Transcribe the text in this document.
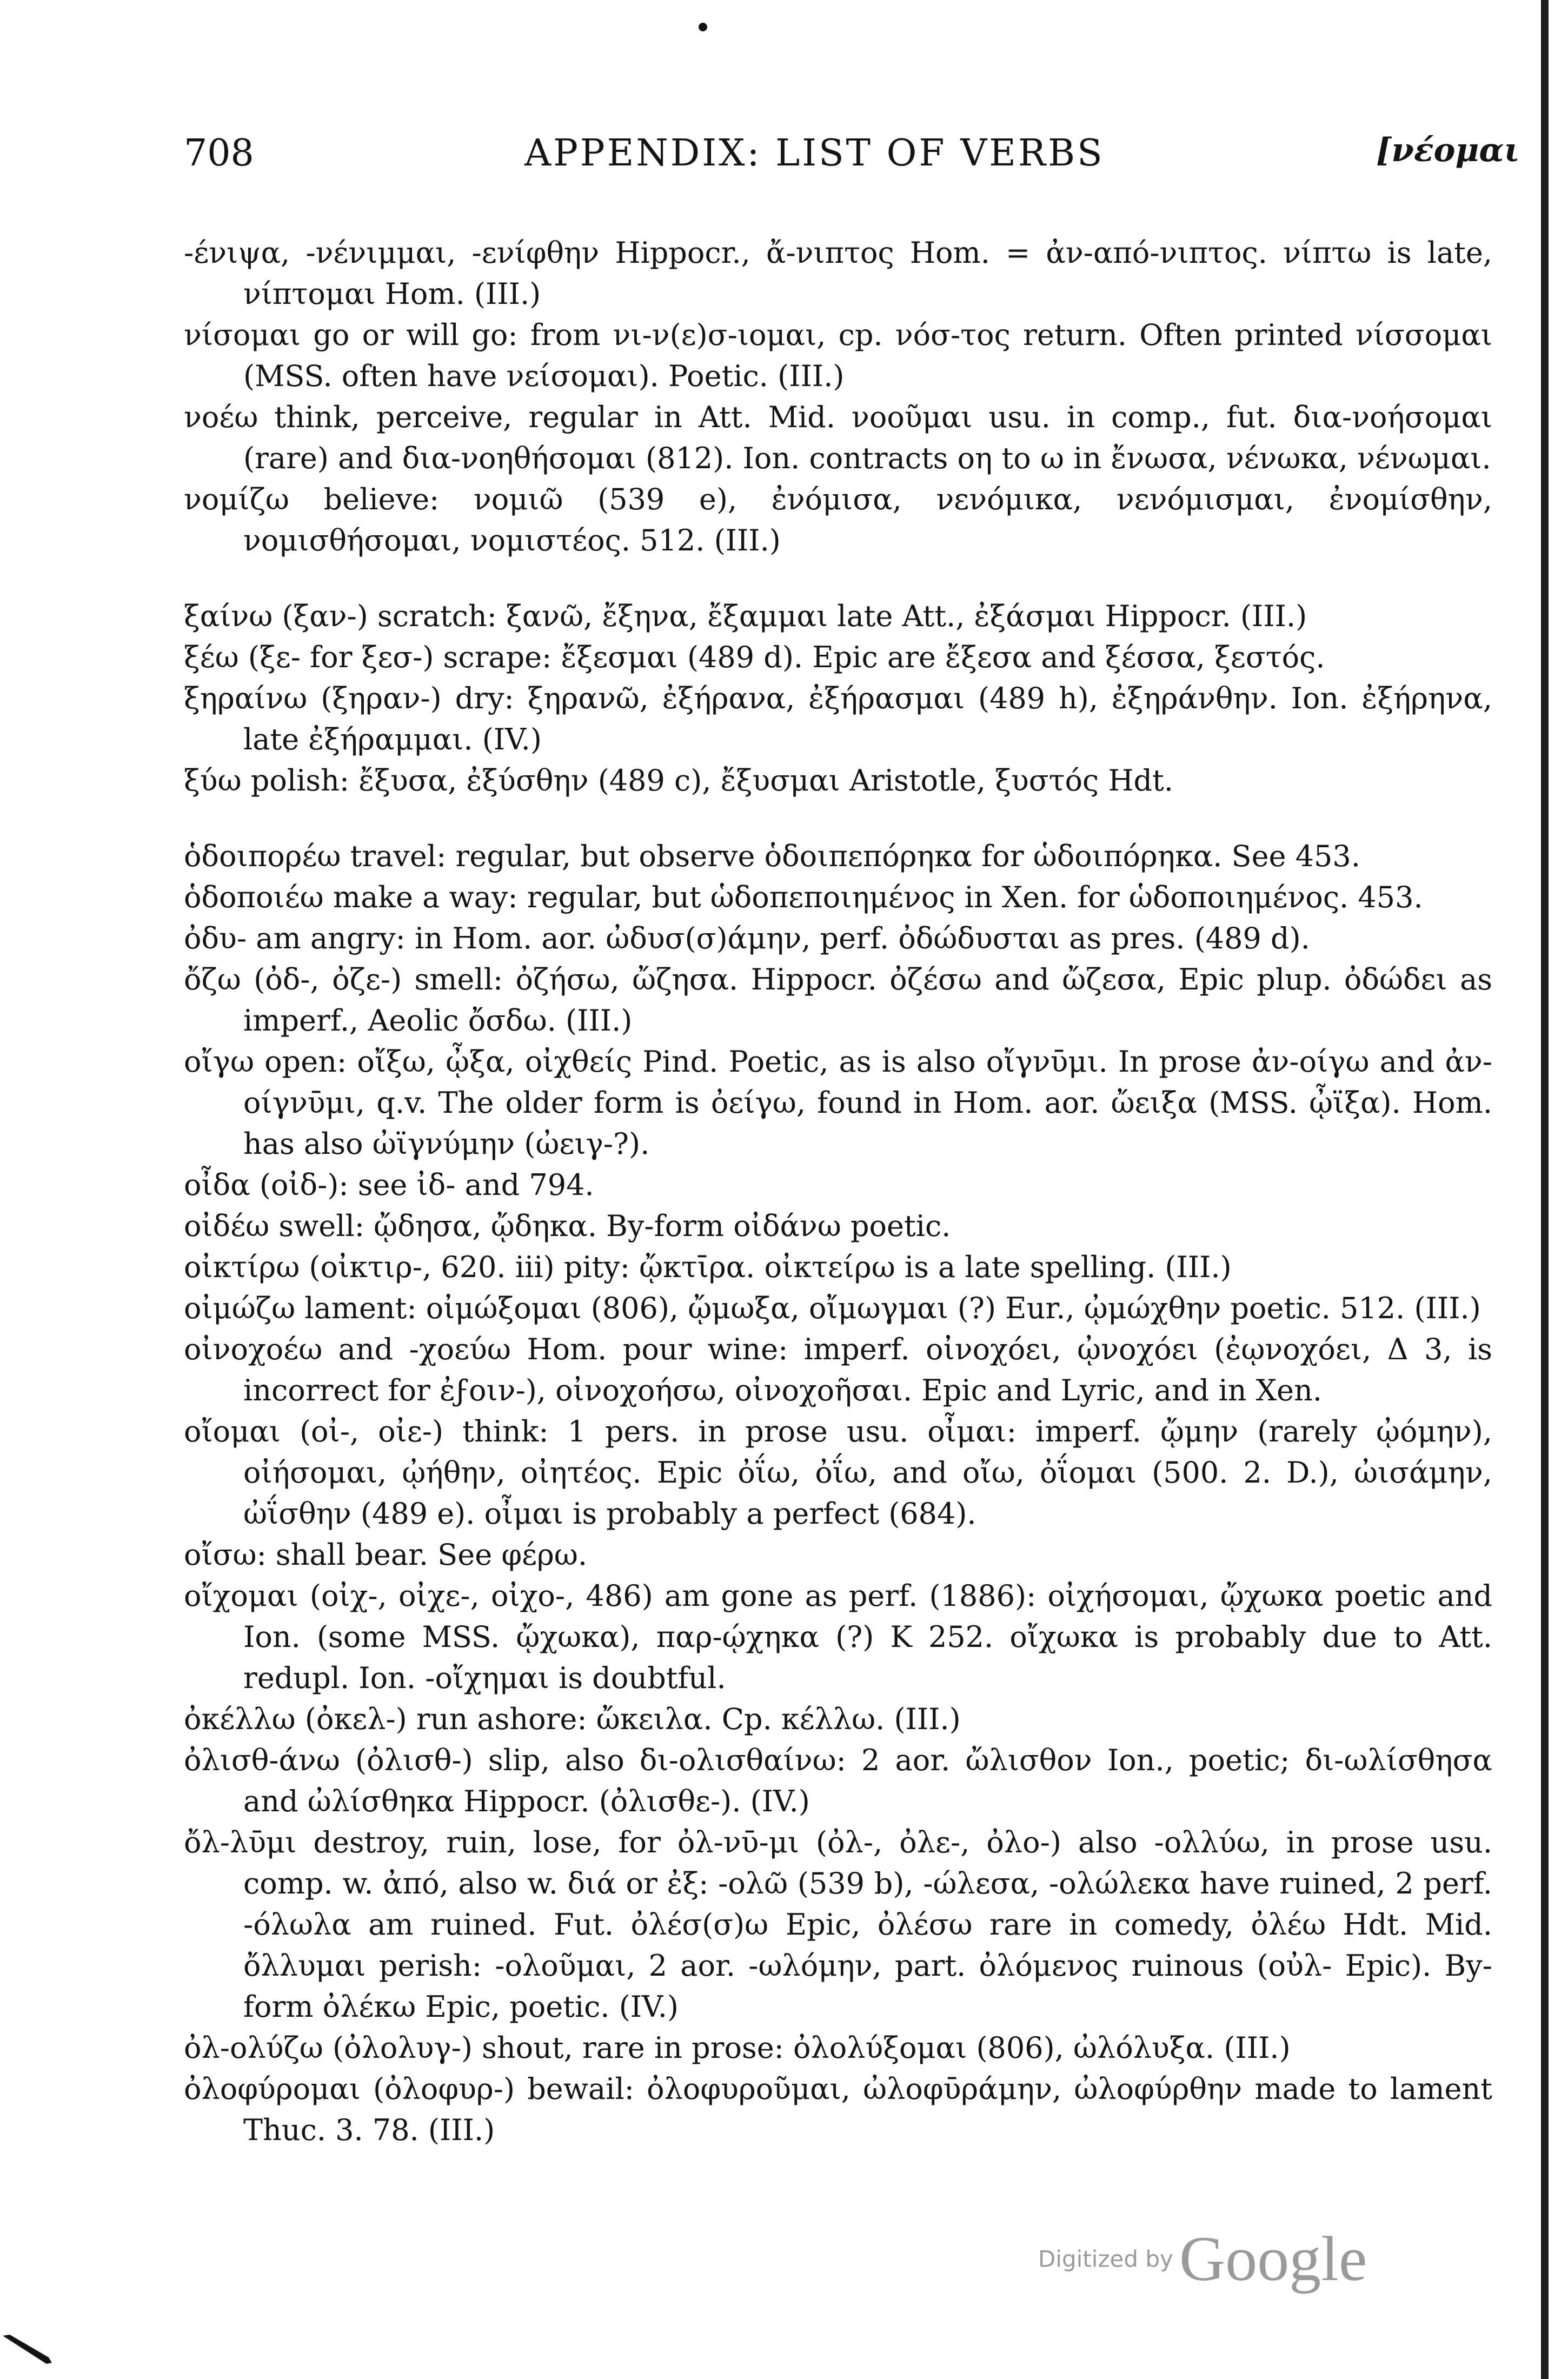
708	APPENDIX: LIST OF VERBS	[νέομαι

-ένιψα, -νένιμμαι, -ενίφθην Hippocr., ἄ-νιπτος Hom. = ἀν-από-νιπτος. νίπτω is late, νίπτομαι Hom. (III.)

νίσομαι go or will go: from νι-ν(ε)σ-ιομαι, cp. νόσ-τος return. Often printed νίσσομαι (MSS. often have νείσομαι). Poetic. (III.)

νοέω think, perceive, regular in Att. Mid. νοοῦμαι usu. in comp., fut. δια-νοήσομαι (rare) and δια-νοηθήσομαι (812). Ion. contracts οη to ω in ἔνωσα, νένωκα, νένωμαι.

νομίζω believe: νομιῶ (539 e), ἐνόμισα, νενόμικα, νενόμισμαι, ἐνομίσθην, νομισθήσομαι, νομιστέος. 512. (III.)

ξαίνω (ξαν-) scratch: ξανῶ, ἔξηνα, ἔξαμμαι late Att., ἐξάσμαι Hippocr. (III.)

ξέω (ξε- for ξεσ-) scrape: ἔξεσμαι (489 d). Epic are ἔξεσα and ξέσσα, ξεστός.

ξηραίνω (ξηραν-) dry: ξηρανῶ, ἐξήρανα, ἐξήρασμαι (489 h), ἐξηράνθην. Ion. ἐξήρηνα, late ἐξήραμμαι. (IV.)

ξύω polish: ἔξυσα, ἐξύσθην (489 c), ἔξυσμαι Aristotle, ξυστός Hdt.

ὁδοιπορέω travel: regular, but observe ὁδοιπεπόρηκα for ὡδοιπόρηκα. See 453.

ὁδοποιέω make a way: regular, but ὡδοπεποιημένος in Xen. for ὡδοποιημένος. 453.

ὀδυ- am angry: in Hom. aor. ὠδυσ(σ)άμην, perf. ὀδώδυσται as pres. (489 d).

ὄζω (ὀδ-, ὀζε-) smell: ὀζήσω, ὤζησα. Hippocr. ὀζέσω and ὤζεσα, Epic plup. ὀδώδει as imperf., Aeolic ὄσδω. (III.)

οἴγω open: οἴξω, ᾦξα, οἰχθείς Pind. Poetic, as is also οἴγνῡμι. In prose ἀν-οίγω and ἀν-οίγνῡμι, q.v. The older form is ὀείγω, found in Hom. aor. ὤειξα (MSS. ᾦϊξα). Hom. has also ὠϊγνύμην (ὠειγ-?).

οἶδα (οἰδ-): see ἰδ- and 794.

οἰδέω swell: ᾤδησα, ᾤδηκα. By-form οἰδάνω poetic.

οἰκτίρω (οἰκτιρ-, 620. iii) pity: ᾤκτῑρα. οἰκτείρω is a late spelling. (III.)

οἰμώζω lament: οἰμώξομαι (806), ᾤμωξα, οἴμωγμαι (?) Eur., ᾠμώχθην poetic. 512. (III.)

οἰνοχοέω and -χοεύω Hom. pour wine: imperf. οἰνοχόει, ᾠνοχόει (ἐῳνοχόει, Δ 3, is incorrect for ἐϝοιν-), οἰνοχοήσω, οἰνοχοῆσαι. Epic and Lyric, and in Xen.

οἴομαι (οἰ-, οἰε-) think: 1 pers. in prose usu. οἶμαι: imperf. ᾤμην (rarely ᾠόμην), οἰήσομαι, ᾠήθην, οἰητέος. Epic ὀΐω, ὀΐω, and οἴω, ὀΐομαι (500. 2. D.), ὠισάμην, ὠΐσθην (489 e). οἶμαι is probably a perfect (684).

οἴσω: shall bear. See φέρω.

οἴχομαι (οἰχ-, οἰχε-, οἰχο-, 486) am gone as perf. (1886): οἰχήσομαι, ᾤχωκα poetic and Ion. (some MSS. ᾤχωκα), παρ-ῴχηκα (?) K 252. οἴχωκα is probably due to Att. redupl. Ion. -οἴχημαι is doubtful.

ὀκέλλω (ὀκελ-) run ashore: ὤκειλα. Cp. κέλλω. (III.)

ὀλισθ-άνω (ὀλισθ-) slip, also δι-ολισθαίνω: 2 aor. ὤλισθον Ion., poetic; δι-ωλίσθησα and ὠλίσθηκα Hippocr. (ὀλισθε-). (IV.)

ὄλ-λῡμι destroy, ruin, lose, for ὀλ-νῡ-μι (ὀλ-, ὀλε-, ὀλο-) also -ολλύω, in prose usu. comp. w. ἀπό, also w. διά or ἐξ: -ολῶ (539 b), -ώλεσα, -ολώλεκα have ruined, 2 perf. -όλωλα am ruined. Fut. ὀλέσ(σ)ω Epic, ὀλέσω rare in comedy, ὀλέω Hdt. Mid. ὄλλυμαι perish: -ολοῦμαι, 2 aor. -ωλόμην, part. ὀλόμενος ruinous (οὐλ- Epic). By-form ὀλέκω Epic, poetic. (IV.)

ὀλ-ολύζω (ὀλολυγ-) shout, rare in prose: ὀλολύξομαι (806), ὠλόλυξα. (III.)

ὀλοφύρομαι (ὀλοφυρ-) bewail: ὀλοφυροῦμαι, ὠλοφῡράμην, ὠλοφύρθην made to lament Thuc. 3. 78. (III.)

Digitized by Google
